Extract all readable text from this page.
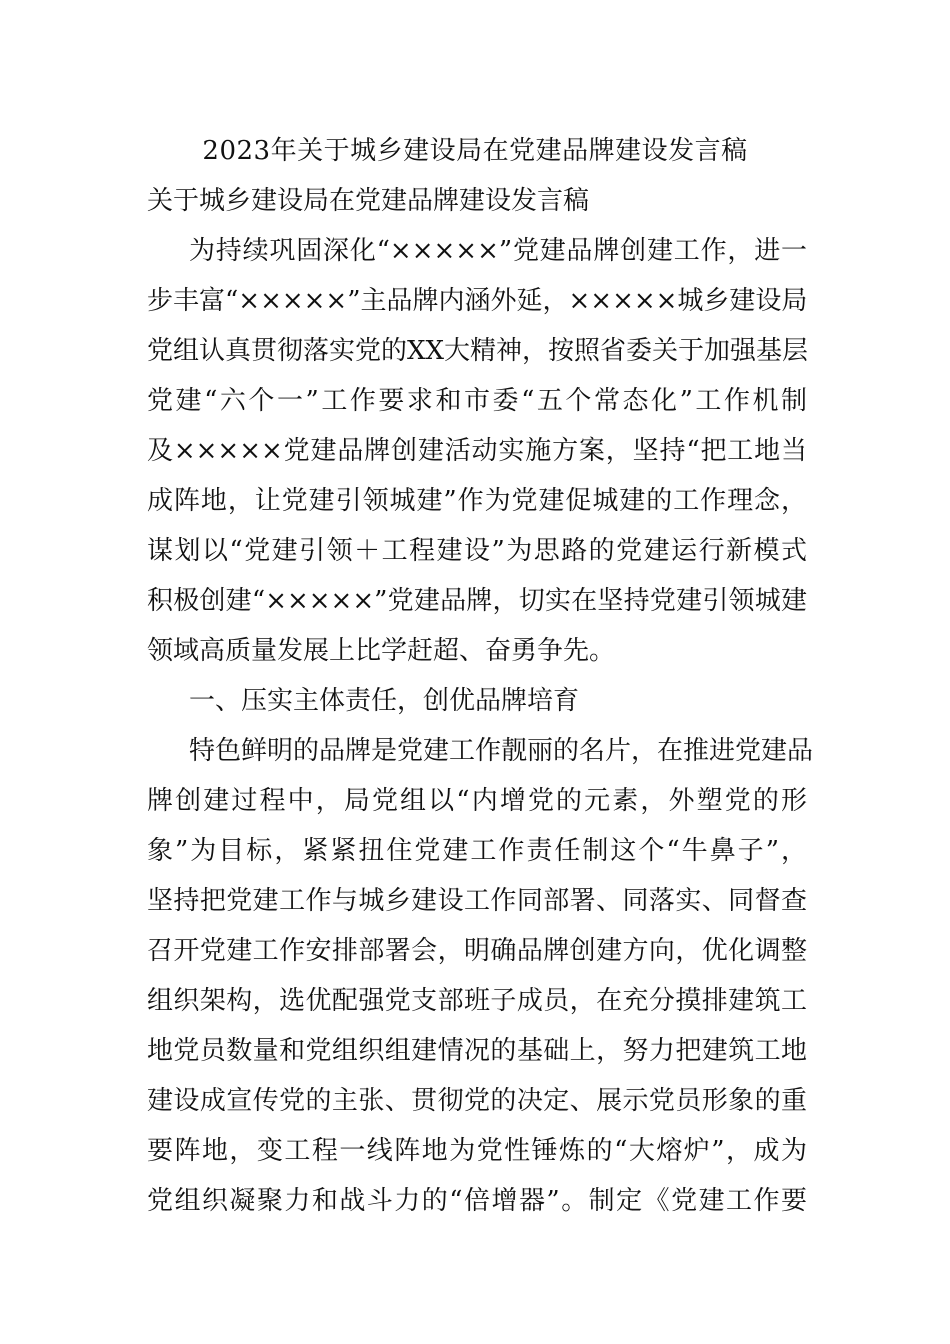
2023年关于城乡建设局在党建品牌建设发言稿
关于城乡建设局在党建品牌建设发言稿
为持续巩固深化“×××××”党建品牌创建工作，进一
步丰富“×××××”主品牌内涵外延，×××××城乡建设局
党组认真贯彻落实党的XX大精神，按照省委关于加强基层
党建“六个一”工作要求和市委“五个常态化”工作机制
及×××××党建品牌创建活动实施方案，坚持“把工地当
成阵地，让党建引领城建”作为党建促城建的工作理念，
谋划以“党建引领＋工程建设”为思路的党建运行新模式
积极创建“×××××”党建品牌，切实在坚持党建引领城建
领域高质量发展上比学赶超、奋勇争先。
一、压实主体责任，创优品牌培育
特色鲜明的品牌是党建工作靓丽的名片，在推进党建品
牌创建过程中，局党组以“内增党的元素，外塑党的形
象”为目标，紧紧扭住党建工作责任制这个“牛鼻子”，
坚持把党建工作与城乡建设工作同部署、同落实、同督查
召开党建工作安排部署会，明确品牌创建方向，优化调整
组织架构，选优配强党支部班子成员，在充分摸排建筑工
地党员数量和党组织组建情况的基础上，努力把建筑工地
建设成宣传党的主张、贯彻党的决定、展示党员形象的重
要阵地，变工程一线阵地为党性锤炼的“大熔炉”，成为
党组织凝聚力和战斗力的“倍增器”。制定《党建工作要
